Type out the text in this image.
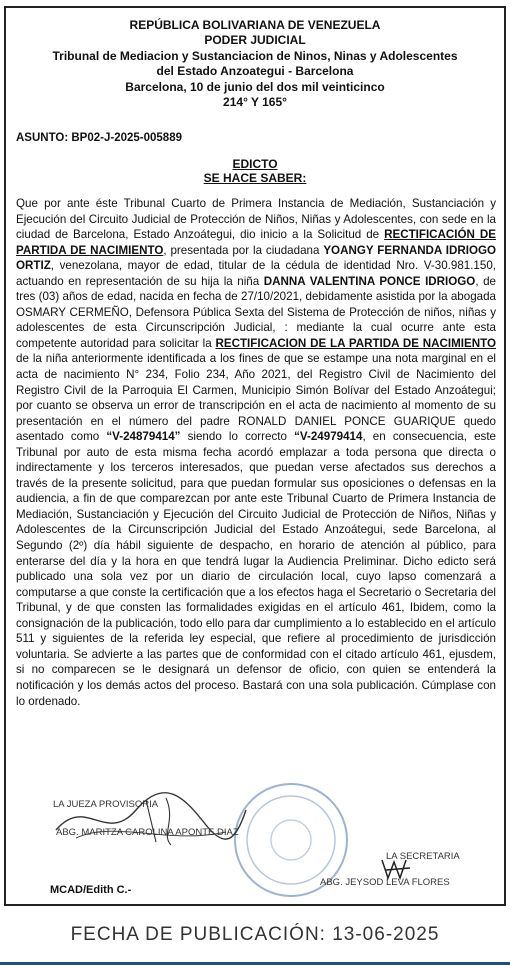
REPÚBLICA BOLIVARIANA DE VENEZUELA
PODER JUDICIAL
Tribunal de Mediacion y Sustanciacion de Ninos, Ninas y Adolescentes
del Estado Anzoategui - Barcelona
Barcelona, 10 de junio del dos mil veinticinco
214° Y 165°
ASUNTO: BP02-J-2025-005889
EDICTO
SE HACE SABER:
Que por ante éste Tribunal Cuarto de Primera Instancia de Mediación, Sustanciación y Ejecución del Circuito Judicial de Protección de Niños, Niñas y Adolescentes, con sede en la ciudad de Barcelona, Estado Anzoátegui, dio inicio a la Solicitud de RECTIFICACIÓN DE PARTIDA DE NACIMIENTO, presentada por la ciudadana YOANGY FERNANDA IDRIOGO ORTIZ, venezolana, mayor de edad, titular de la cédula de identidad Nro. V-30.981.150, actuando en representación de su hija la niña DANNA VALENTINA PONCE IDRIOGO, de tres (03) años de edad, nacida en fecha de 27/10/2021, debidamente asistida por la abogada OSMARY CERMEÑO, Defensora Pública Sexta del Sistema de Protección de niños, niñas y adolescentes de esta Circunscripción Judicial, : mediante la cual ocurre ante esta competente autoridad para solicitar la RECTIFICACION DE LA PARTIDA DE NACIMIENTO de la niña anteriormente identificada a los fines de que se estampe una nota marginal en el acta de nacimiento N° 234, Folio 234, Año 2021, del Registro Civil de Nacimiento del Registro Civil de la Parroquia El Carmen, Municipio Simón Bolívar del Estado Anzoátegui; por cuanto se observa un error de transcripción en el acta de nacimiento al momento de su presentación en el número del padre RONALD DANIEL PONCE GUARIQUE quedo asentado como “V-24879414” siendo lo correcto “V-24979414, en consecuencia, este Tribunal por auto de esta misma fecha acordó emplazar a toda persona que directa o indirectamente y los terceros interesados, que puedan verse afectados sus derechos a través de la presente solicitud, para que puedan formular sus oposiciones o defensas en la audiencia, a fin de que comparezcan por ante este Tribunal Cuarto de Primera Instancia de Mediación, Sustanciación y Ejecución del Circuito Judicial de Protección de Niños, Niñas y Adolescentes de la Circunscripción Judicial del Estado Anzoátegui, sede Barcelona, al Segundo (2º) día hábil siguiente de despacho, en horario de atención al público, para enterarse del día y la hora en que tendrá lugar la Audiencia Preliminar. Dicho edicto será publicado una sola vez por un diario de circulación local, cuyo lapso comenzará a computarse a que conste la certificación que a los efectos haga el Secretario o Secretaria del Tribunal, y de que consten las formalidades exigidas en el artículo 461, Ibidem, como la consignación de la publicación, todo ello para dar cumplimiento a lo establecido en el artículo 511 y siguientes de la referida ley especial, que refiere al procedimiento de jurisdicción voluntaria. Se advierte a las partes que de conformidad con el citado artículo 461, ejusdem, si no comparecen se le designará un defensor de oficio, con quien se entenderá la notificación y los demás actos del proceso. Bastará con una sola publicación. Cúmplase con lo ordenado.
LA JUEZA PROVISORIA
ABG. MARITZA CAROLINA APONTE DIAZ
LA SECRETARIA
ABG. JEYSOD LEVA FLORES
MCAD/Edith C.-
FECHA DE PUBLICACIÓN: 13-06-2025
